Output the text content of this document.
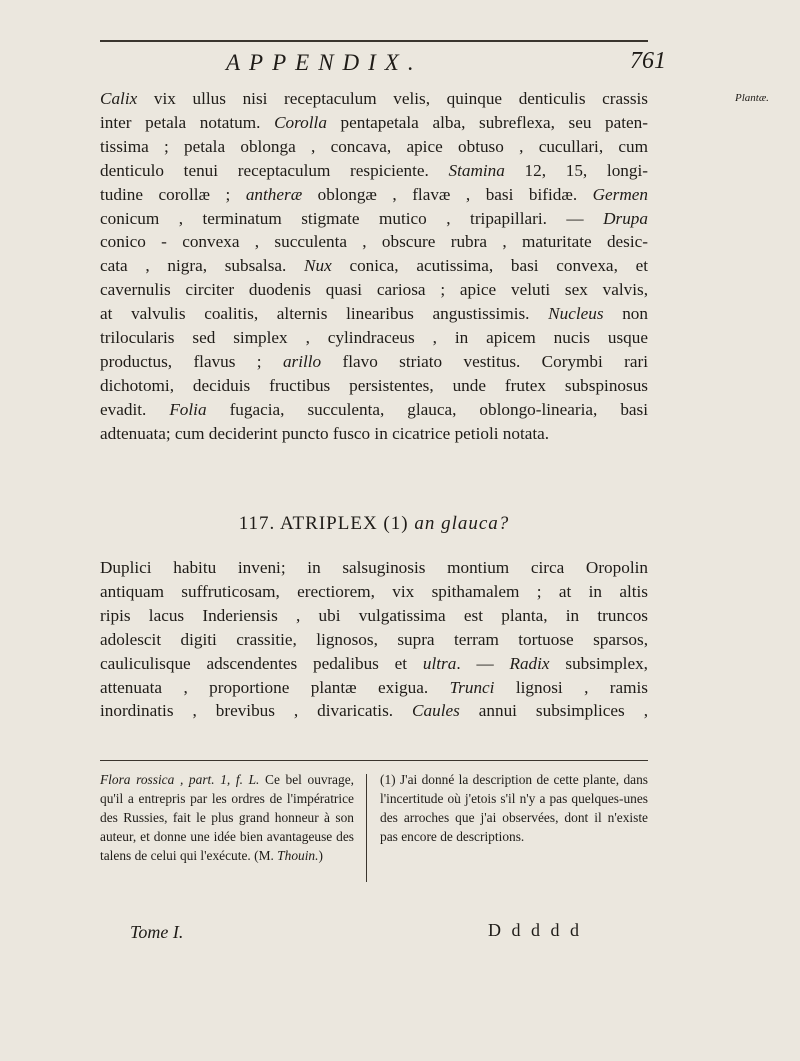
APPENDIX.	761
Plantæ.
Calix vix ullus nisi receptaculum velis, quinque denticulis crassis
inter petala notatum. Corolla pentapetala alba, subreflexa, seu paten-
tissima ; petala oblonga , concava, apice obtuso , cucullari, cum
denticulo tenui receptaculum respiciente. Stamina 12, 15, longi-
tudine corollæ ; antheræ oblongæ , flavæ , basi bifidæ. Germen
conicum , terminatum stigmate mutico , tripapillari. — Drupa
conico - convexa , succulenta , obscure rubra , maturitate desic-
cata , nigra, subsalsa. Nux conica, acutissima, basi convexa, et
cavernulis circiter duodenis quasi cariosa ; apice veluti sex valvis,
at valvulis coalitis, alternis linearibus angustissimis. Nucleus non
trilocularis sed simplex , cylindraceus , in apicem nucis usque
productus, flavus ; arillo flavo striato vestitus. Corymbi rari
dichotomi, deciduis fructibus persistentes, unde frutex subspinosus
evadit. Folia fugacia, succulenta, glauca, oblongo-linearia, basi
adtenuata; cum deciderint puncto fusco in cicatrice petioli notata.
117. ATRIPLEX (1) an glauca?
Duplici habitu inveni; in salsuginosis montium circa Oropolin
antiquam suffruticosam, erectiorem, vix spithamalem ; at in altis
ripis lacus Inderiensis , ubi vulgatissima est planta, in truncos
adolescit digiti crassitie, lignosos, supra terram tortuose sparsos,
cauliculisque adscendentes pedalibus et ultra. — Radix subsimplex,
attenuata , proportione plantæ exigua. Trunci lignosi , ramis
inordinatis , brevibus , divaricatis. Caules annui subsimplices ,
Flora rossica , part. 1, f. L. Ce bel ouvrage, qu'il a entrepris par les ordres de l'impératrice des Russies, fait le plus grand honneur à son auteur, et donne une idée bien avantageuse des talens de celui qui l'exécute. (M. Thouin.)
(1) J'ai donné la description de cette plante, dans l'incertitude où j'etois s'il n'y a pas quelques-unes des arroches que j'ai observées, dont il n'existe pas encore de descriptions.
Tome I.	D d d d d
